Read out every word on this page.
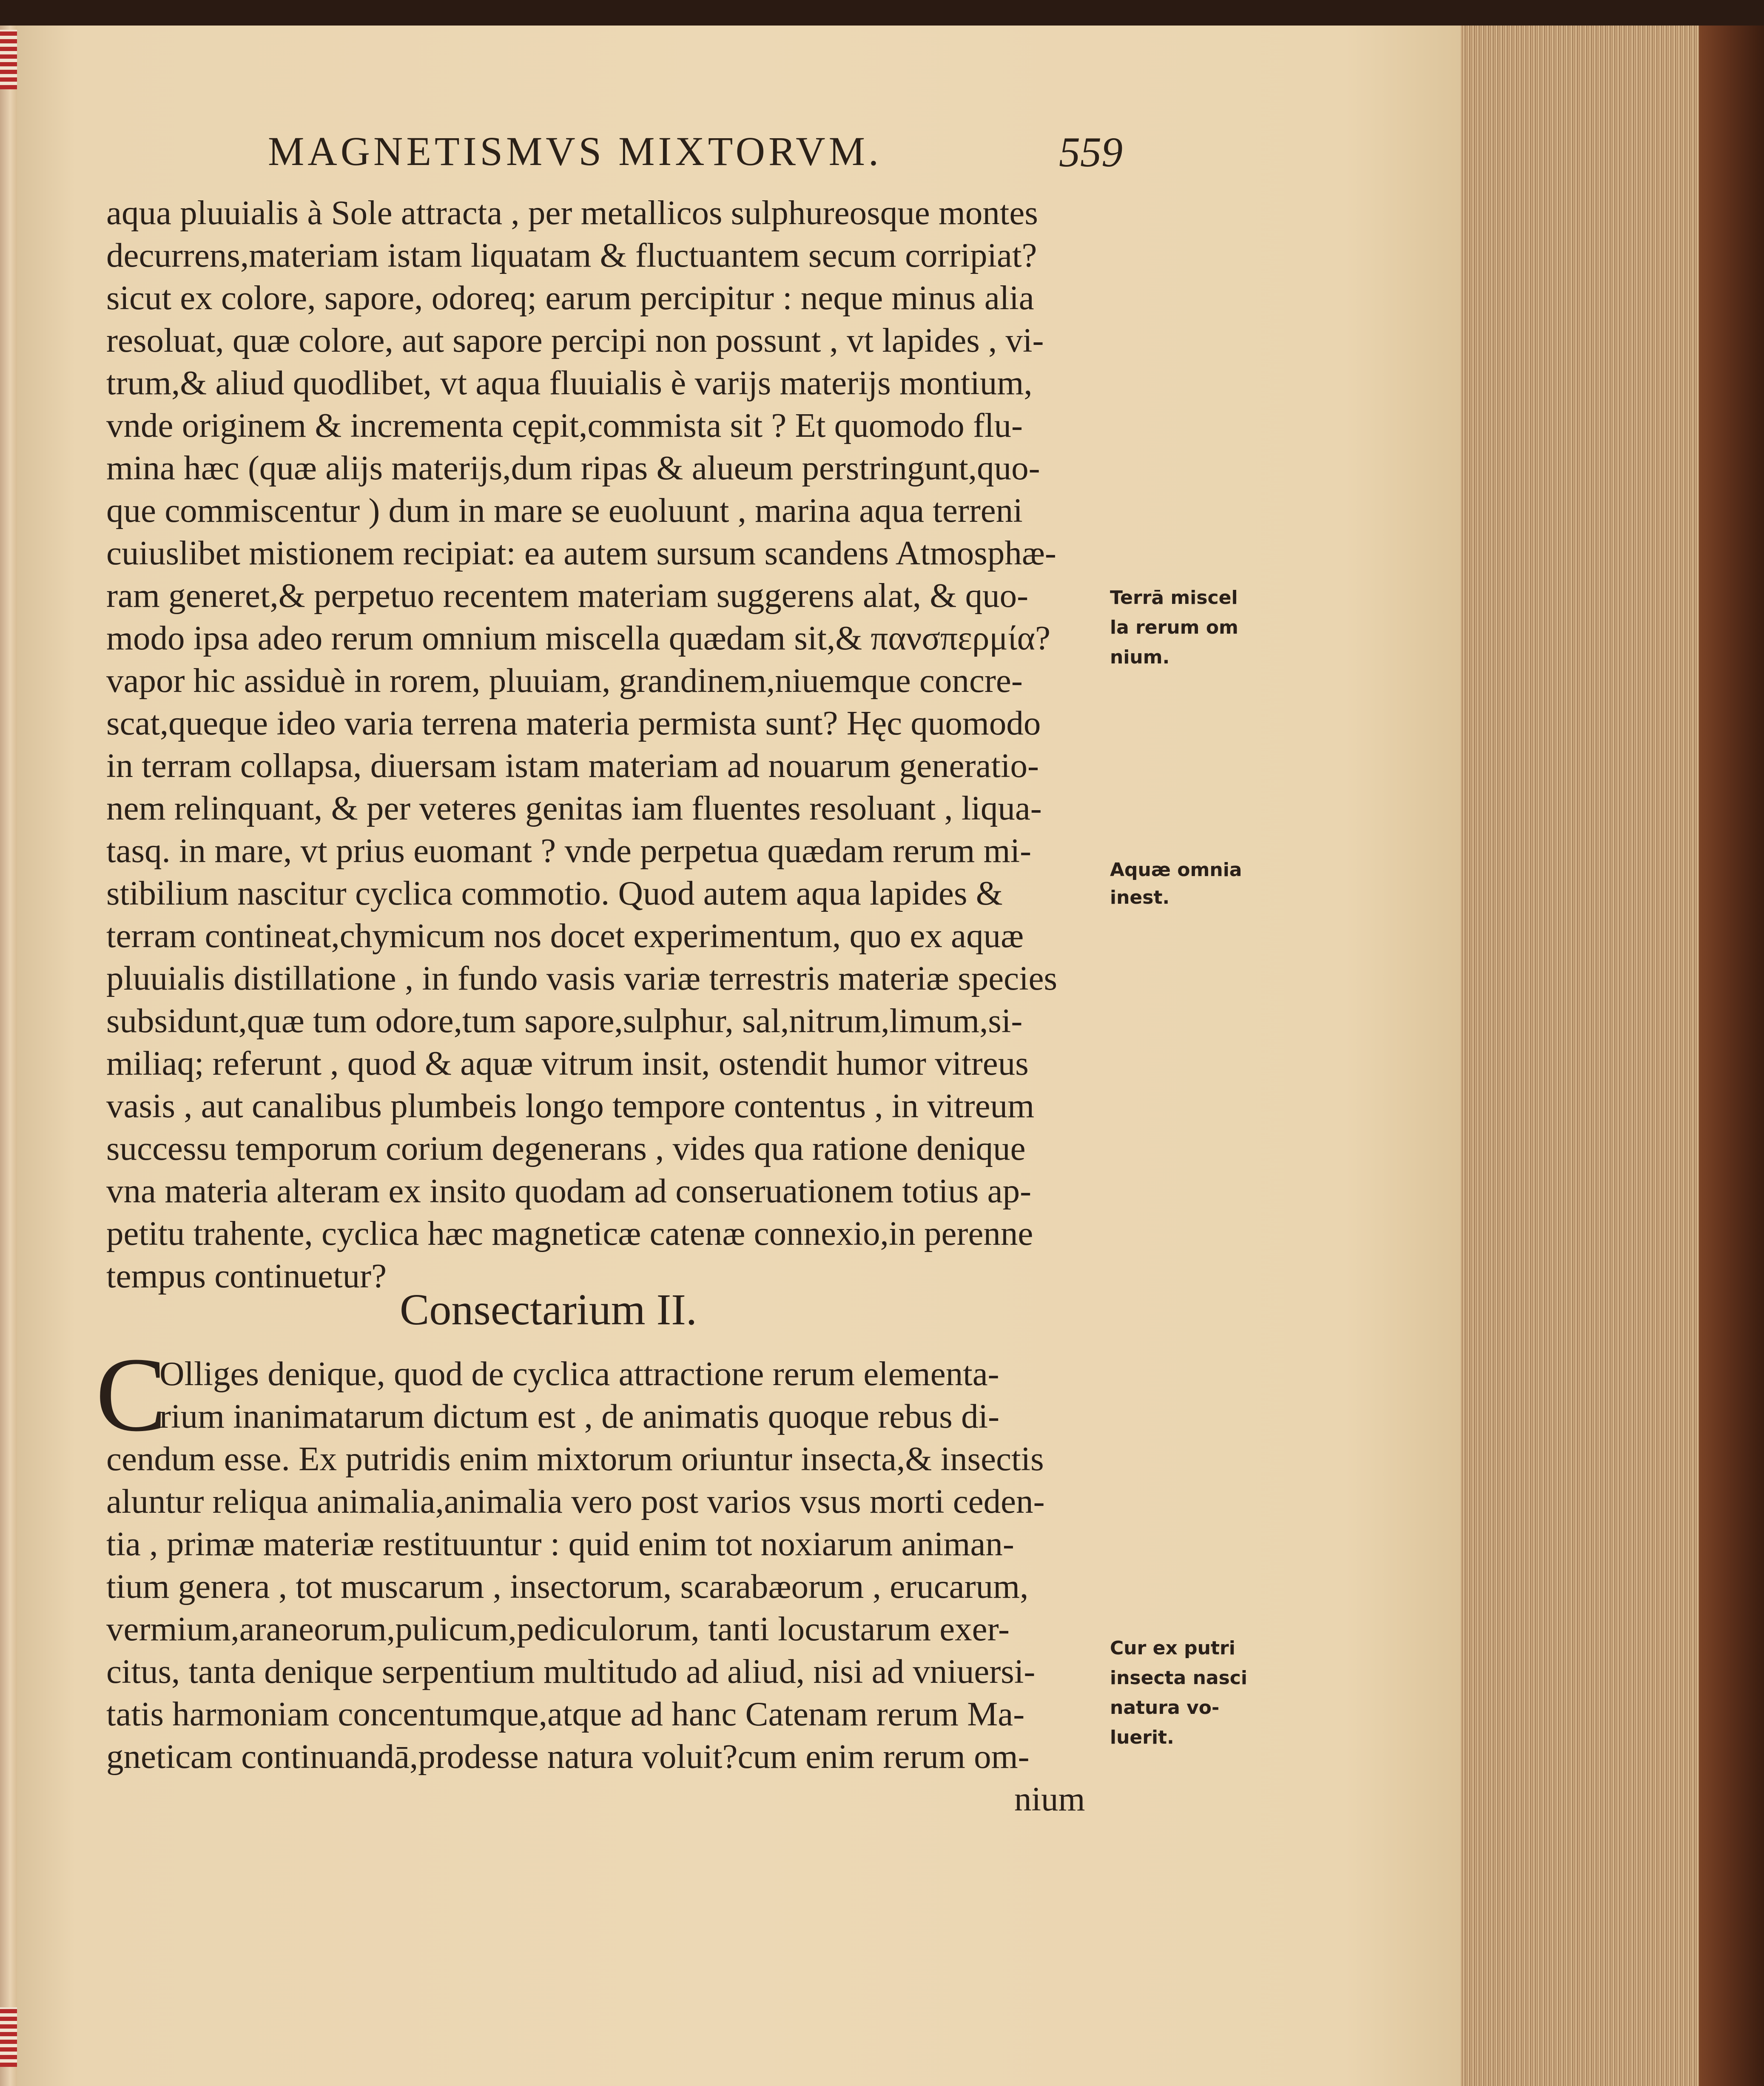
MAGNETISMVS MIXTORVM.	559
aqua pluuialis à Sole attracta , per metallicos sulphureosque montes
decurrens,materiam istam liquatam & fluctuantem secum corripiat?
sicut ex colore, sapore, odoreq; earum percipitur : neque minus alia
resoluat, quæ colore, aut sapore percipi non possunt , vt lapides , vi-
trum,& aliud quodlibet, vt aqua fluuialis è varijs materijs montium,
vnde originem & incrementa cępit,commista sit ? Et quomodo flu-
mina hæc (quæ alijs materijs,dum ripas & alueum perstringunt,quo-
que commiscentur ) dum in mare se euoluunt , marina aqua terreni
cuiuslibet mistionem recipiat: ea autem sursum scandens Atmosphæ-
ram generet,& perpetuo recentem materiam suggerens alat, & quo-
modo ipsa adeo rerum omnium miscella quædam sit,& πανσπερμία?
vapor hic assiduè in rorem, pluuiam, grandinem,niuemque concre-
scat,queque ideo varia terrena materia permista sunt? Hęc quomodo
in terram collapsa, diuersam istam materiam ad nouarum generatio-
nem relinquant, & per veteres genitas iam fluentes resoluant , liqua-
tasq. in mare, vt prius euomant ? vnde perpetua quædam rerum mi-
stibilium nascitur cyclica commotio. Quod autem aqua lapides &
terram contineat,chymicum nos docet experimentum, quo ex aquæ
pluuialis distillatione , in fundo vasis variæ terrestris materiæ species
subsidunt,quæ tum odore,tum sapore,sulphur, sal,nitrum,limum,si-
miliaq; referunt , quod & aquæ vitrum insit, ostendit humor vitreus
vasis , aut canalibus plumbeis longo tempore contentus , in vitreum
successu temporum corium degenerans , vides qua ratione denique
vna materia alteram ex insito quodam ad conseruationem totius ap-
petitu trahente, cyclica hæc magneticæ catenæ connexio,in perenne
tempus continuetur?
Consectarium II.
C
Olliges denique, quod de cyclica attractione rerum elementa-
rium inanimatarum dictum est , de animatis quoque rebus di-
cendum esse. Ex putridis enim mixtorum oriuntur insecta,& insectis
aluntur reliqua animalia,animalia vero post varios vsus morti ceden-
tia , primæ materiæ restituuntur : quid enim tot noxiarum animan-
tium genera , tot muscarum , insectorum, scarabæorum , erucarum,
vermium,araneorum,pulicum,pediculorum, tanti locustarum exer-
citus, tanta denique serpentium multitudo ad aliud, nisi ad vniuersi-
tatis harmoniam concentumque,atque ad hanc Catenam rerum Ma-
gneticam continuandā,prodesse natura voluit?cum enim rerum om-
nium
Terrā miscel
la rerum om
nium.
Aquæ omnia
inest.
Cur ex putri
insecta nasci
natura vo-
luerit.
